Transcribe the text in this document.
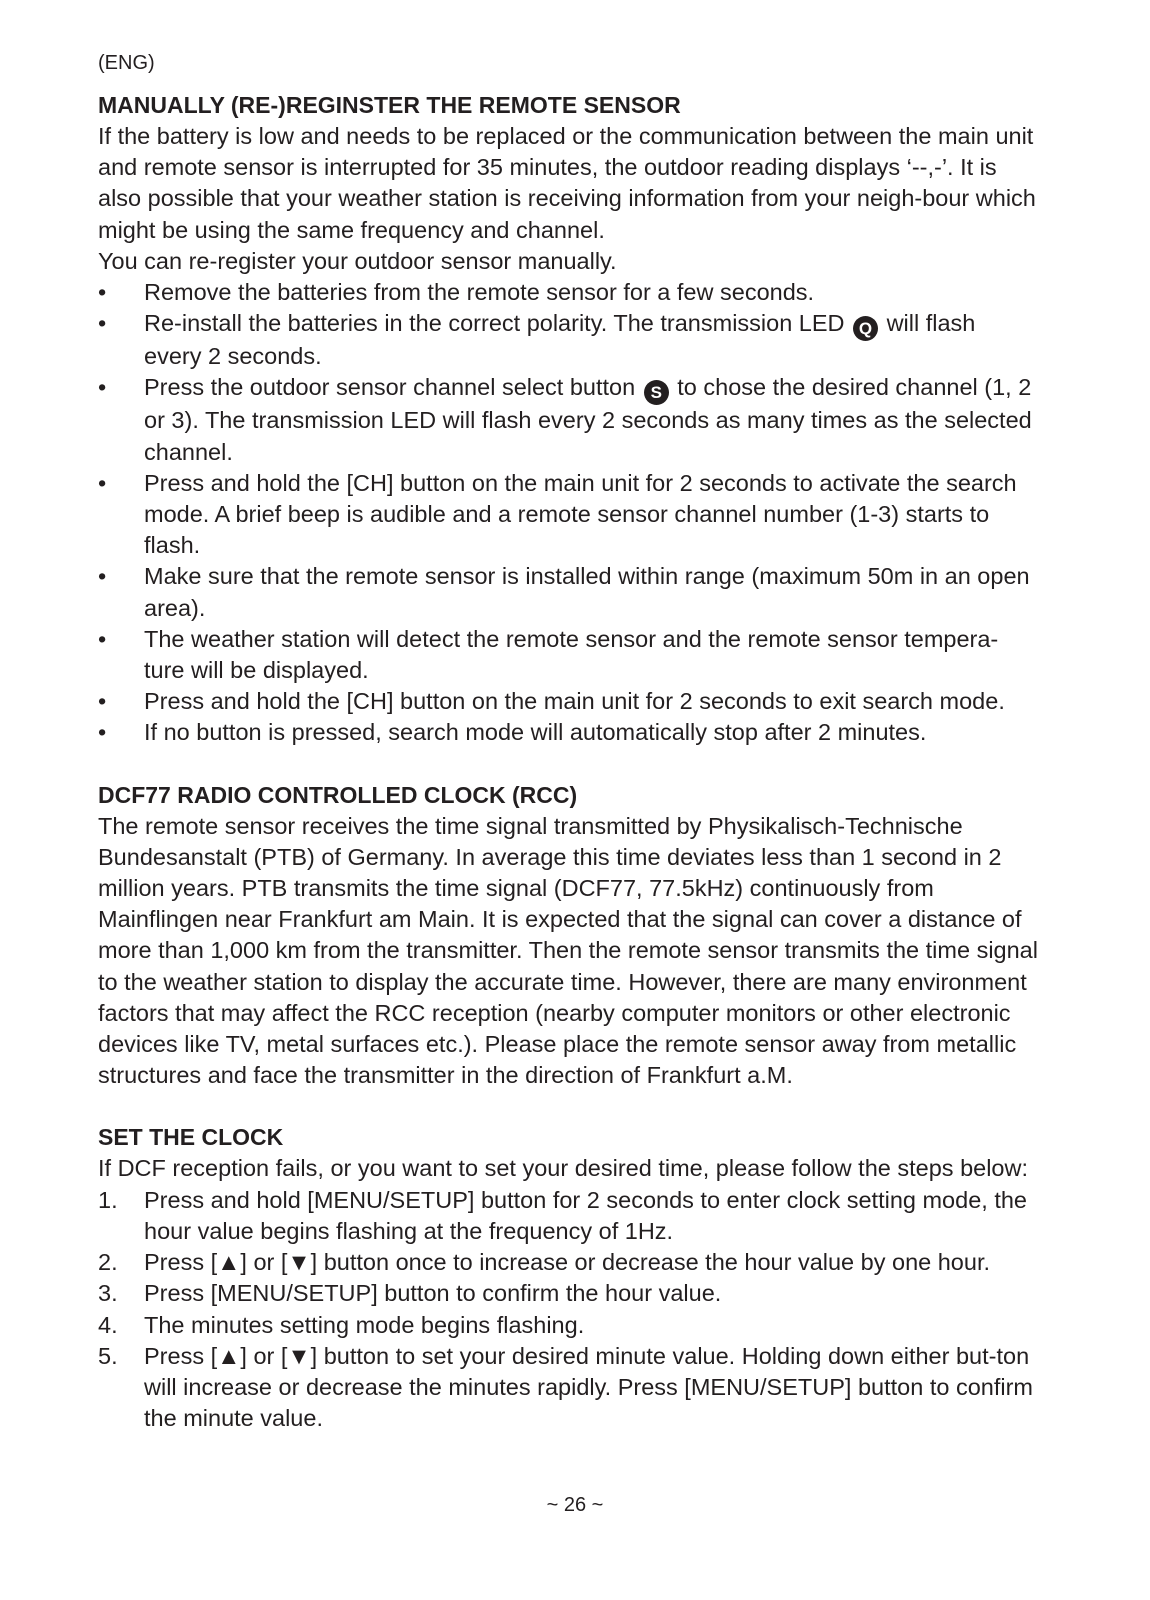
(ENG)
MANUALLY (RE-)REGINSTER THE REMOTE SENSOR
If the battery is low and needs to be replaced or the communication between the main unit and remote sensor is interrupted for 35 minutes, the outdoor reading displays ‘--,-’. It is also possible that your weather station is receiving information from your neigh-bour which might be using the same frequency and channel.
You can re-register your outdoor sensor manually.
• Remove the batteries from the remote sensor for a few seconds.
• Re-install the batteries in the correct polarity. The transmission LED Q will flash every 2 seconds.
• Press the outdoor sensor channel select button S to chose the desired channel (1, 2 or 3). The transmission LED will flash every 2 seconds as many times as the selected channel.
• Press and hold the [CH] button on the main unit for 2 seconds to activate the search mode. A brief beep is audible and a remote sensor channel number (1-3) starts to flash.
• Make sure that the remote sensor is installed within range (maximum 50m in an open area).
• The weather station will detect the remote sensor and the remote sensor tempera-ture will be displayed.
• Press and hold the [CH] button on the main unit for 2 seconds to exit search mode.
• If no button is pressed, search mode will automatically stop after 2 minutes.
DCF77 RADIO CONTROLLED CLOCK (RCC)
The remote sensor receives the time signal transmitted by Physikalisch-Technische Bundesanstalt (PTB) of Germany. In average this time deviates less than 1 second in 2 million years. PTB transmits the time signal (DCF77, 77.5kHz) continuously from Mainflingen near Frankfurt am Main. It is expected that the signal can cover a distance of more than 1,000 km from the transmitter. Then the remote sensor transmits the time signal to the weather station to display the accurate time. However, there are many environment factors that may affect the RCC reception (nearby computer monitors or other electronic devices like TV, metal surfaces etc.). Please place the remote sensor away from metallic structures and face the transmitter in the direction of Frankfurt a.M.
SET THE CLOCK
If DCF reception fails, or you want to set your desired time, please follow the steps below:
1. Press and hold [MENU/SETUP] button for 2 seconds to enter clock setting mode, the hour value begins flashing at the frequency of 1Hz.
2. Press [▲] or [▼] button once to increase or decrease the hour value by one hour.
3. Press [MENU/SETUP] button to confirm the hour value.
4. The minutes setting mode begins flashing.
5. Press [▲] or [▼] button to set your desired minute value. Holding down either but-ton will increase or decrease the minutes rapidly. Press [MENU/SETUP] button to confirm the minute value.
~ 26 ~
